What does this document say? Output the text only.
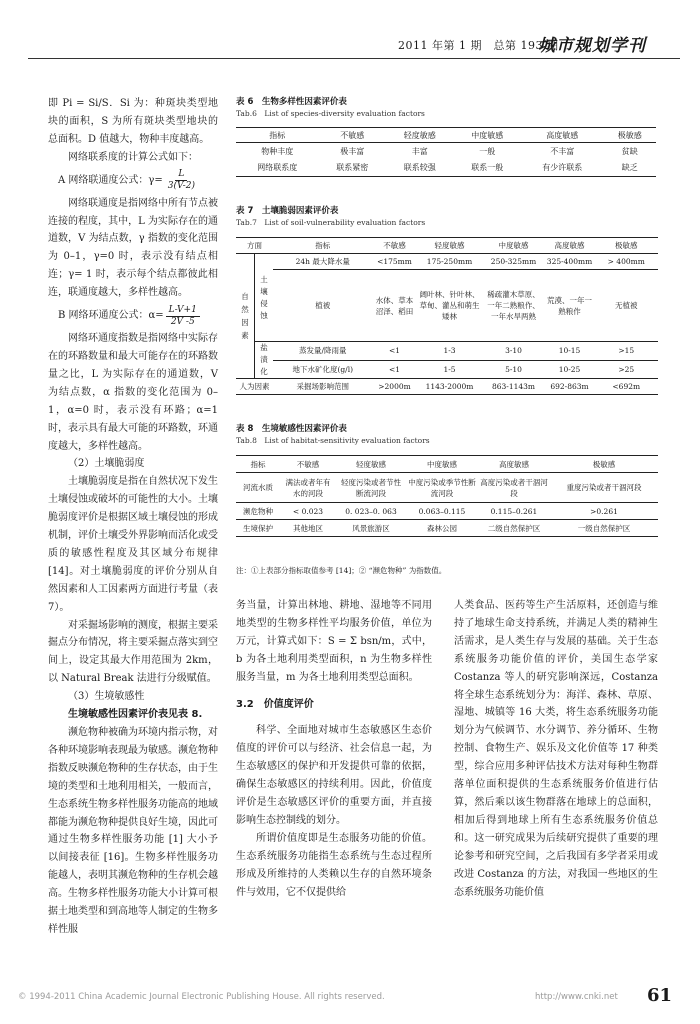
2011 年第 1 期　总第 193 期
城市规划学刊

即 Pi = Si/S．Si 为：种斑块类型地块的面积，S 为所有斑块类型地块的总面积。D 值越大，物种丰度越高。

网络联系度的计算公式如下：

A 网络联通度公式：$\gamma= \frac{L}{3(V-2)}$

网络联通度是指网络中所有节点被连接的程度，其中，L 为实际存在的通道数，V 为结点数，γ 指数的变化范围为 0–1，γ=0 时，表示没有结点相连；γ= 1 时，表示每个结点都彼此相连，联通度越大，多样性越高。

B 网络环通度公式：$\alpha= \frac{L-V+1}{2V -5}$

网络环通度指数是指网络中实际存在的环路数量和最大可能存在的环路数量之比，L 为实际存在的通道数，V 为结点数，α 指数的变化范围为 0–1，α=0 时，表示没有环路；α=1 时，表示具有最大可能的环路数，环通度越大，多样性越高。

（2）土壤脆弱度

土壤脆弱度是指在自然状况下发生土壤侵蚀或破坏的可能性的大小。土壤脆弱度评价是根据区域土壤侵蚀的形成机制，评价土壤受外界影响而活化或受质的敏感性程度及其区域分布规律 [14]。对土壤脆弱度的评价分别从自然因素和人工因素两方面进行考量（表 7）。

对采掘场影响的测度，根据主要采掘点分布情况，将主要采掘点落实到空间上，设定其最大作用范围为 2km，以 Natural Break 法进行分级赋值。

（3）生境敏感性

生境敏感性因素评价表见表 8.

濒危物种被确为环境内指示物，对各种环境影响表现最为敏感。濒危物种指数反映濒危物种的生存状态，由于生境的类型和土地利用相关，一般而言，生态系统生物多样性服务功能高的地域都能为濒危物种提供良好生境，因此可通过生物多样性服务功能 [1] 大小予以间接表征 [16]。生物多样性服务功能越人，表明其濒危物种的生存机会越高。生物多样性服务功能大小计算可根据土地类型和到高地等人制定的生物多样性服

表 6　生物多样性因素评价表
Tab.6　List of species-diversity evaluation factors
指标	不敏感	轻度敏感	中度敏感	高度敏感	极敏感
物种丰度	极丰富	丰富	一般	不丰富	贫缺
网络联系度	联系紧密	联系较强	联系一般	有少许联系	缺乏
表 7　土壤脆弱因素评价表
Tab.7　List of soil-vulnerability evaluation factors
方面		指标	不敏感	轻度敏感	中度敏感	高度敏感	极敏感
自然因素	土壤侵蚀	24h 最大降水量	<175mm	175-250mm	250-325mm	325-400mm	> 400mm
		植被	水体、草本沼泽、稻田	阔叶林、针叶林、草甸、灌丛和萌生矮林	稀疏灌木草原、一年二熟粮作、一年水旱两熟	荒漠、一年一熟粮作	无植被
	盐渍化	蒸发量/降雨量	<1	1-3	3-10	10-15	>15
		地下水矿化度(g/l)	<1	1-5	5-10	10-25	>25
人为因素		采掘场影响范围	>2000m	1143-2000m	863-1143m	692-863m	<692m
表 8　生境敏感性因素评价表
Tab.8　List of habitat-sensitivity evaluation factors
指标	不敏感	轻度敏感	中度敏感	高度敏感	极敏感
河流水质	满法或者年有水的河段	轻度污染或者节性断流河段	中度污染或季节性断流河段	高度污染或者干涸河段	重度污染或者干涸河段
濒危物种	< 0.023	0. 023–0. 063	0.063–0.115	0.115–0.261	>0.261
生境保护	其他地区	风景旅游区	森林公园	二级自然保护区	一级自然保护区
注：①上表部分指标取值参考 [14]；② “濒危物种” 为指数值。

务当量，计算出林地、耕地、湿地等不同用地类型的生物多样性平均服务价值，单位为万元，计算式如下：S = Σ bsn/m，式中，b 为各土地利用类型面积，n 为生物多样性服务当量，m 为各土地利用类型总面积。

3.2　价值度评价

科学、全面地对城市生态敏感区生态价值度的评价可以与经济、社会信息一起，为生态敏感区的保护和开发提供可靠的依据，确保生态敏感区的持续利用。因此，价值度评价是生态敏感区评价的重要方面，并直接影响生态控制线的划分。

所谓价值度即是生态服务功能的价值。生态系统服务功能指生态系统与生态过程所形成及所维持的人类赖以生存的自然环境条件与效用，它不仅提供给

人类食品、医药等生产生活原料，还创造与维持了地球生命支持系统，并满足人类的精神生活需求，是人类生存与发展的基础。关于生态系统服务功能价值的评价，美国生态学家 Costanza 等人的研究影响深远，Costanza 将全球生态系统划分为：海洋、森林、草原、湿地、城镇等 16 大类，将生态系统服务功能划分为气候调节、水分调节、养分循环、生物控制、食物生产、娱乐及文化价值等 17 种类型，综合应用多种评估技术方法对每种生物群落单位面积提供的生态系统服务价值进行估算，然后乘以该生物群落在地球上的总面积，相加后得到地球上所有生态系统服务价值总和。这一研究成果为后续研究提供了重要的理论参考和研究空间，之后我国有多学者采用或改进 Costanza 的方法，对我国一些地区的生态系统服务功能价值

61
© 1994-2011 China Academic Journal Electronic Publishing House. All rights reserved.	http://www.cnki.net
